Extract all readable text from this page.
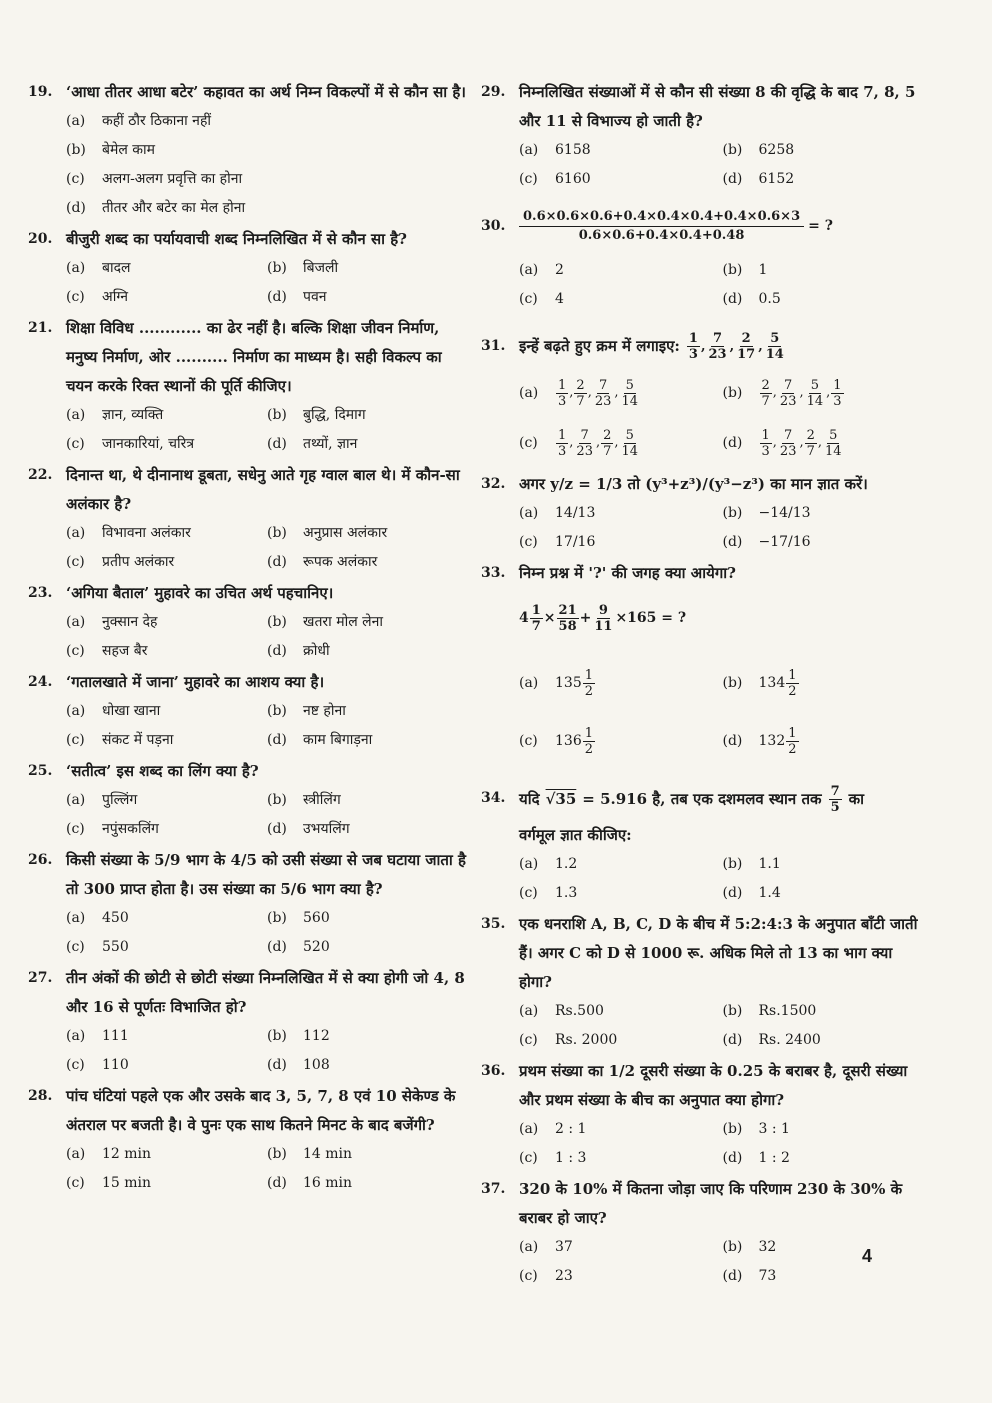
19. ‘आधा तीतर आधा बटेर’ कहावत का अर्थ निम्न विकल्पों में से कौन सा है।
(a)	कहीं ठौर ठिकाना नहीं
(b)	बेमेल काम
(c)	अलग-अलग प्रवृत्ति का होना
(d)	तीतर और बटेर का मेल होना
20. बीजुरी शब्द का पर्यायवाची शब्द निम्नलिखित में से कौन सा है?
(a)	बादल	(b)	बिजली
(c)	अग्नि	(d)	पवन
21. शिक्षा विविध ............ का ढेर नहीं है। बल्कि शिक्षा जीवन निर्माण, मनुष्य निर्माण, ओर .......... निर्माण का माध्यम है। सही विकल्प का चयन करके रिक्त स्थानों की पूर्ति कीजिए।
(a)	ज्ञान, व्यक्ति	(b)	बुद्धि, दिमाग
(c)	जानकारियां, चरित्र	(d)	तथ्यों, ज्ञान
22. दिनान्त था, थे दीनानाथ डूबता, सधेनु आते गृह ग्वाल बाल थे। में कौन-सा अलंकार है?
(a)	विभावना अलंकार	(b)	अनुप्रास अलंकार
(c)	प्रतीप अलंकार	(d)	रूपक अलंकार
23. ‘अगिया बैताल’ मुहावरे का उचित अर्थ पहचानिए।
(a)	नुक्सान देह	(b)	खतरा मोल लेना
(c)	सहज बैर	(d)	क्रोधी
24. ‘गतालखाते में जाना’ मुहावरे का आशय क्या है।
(a)	धोखा खाना	(b)	नष्ट होना
(c)	संकट में पड़ना	(d)	काम बिगाड़ना
25. ‘सतीत्व’ इस शब्द का लिंग क्या है?
(a)	पुल्लिंग	(b)	स्त्रीलिंग
(c)	नपुंसकलिंग	(d)	उभयलिंग
26. किसी संख्या के 5/9 भाग के 4/5 को उसी संख्या से जब घटाया जाता है तो 300 प्राप्त होता है। उस संख्या का 5/6 भाग क्या है?
(a)	450	(b)	560
(c)	550	(d)	520
27. तीन अंकों की छोटी से छोटी संख्या निम्नलिखित में से क्या होगी जो 4, 8 और 16 से पूर्णतः विभाजित हो?
(a)	111	(b)	112
(c)	110	(d)	108
28. पांच घंटियां पहले एक और उसके बाद 3, 5, 7, 8 एवं 10 सेकेण्ड के अंतराल पर बजती है। वे पुनः एक साथ कितने मिनट के बाद बजेंगी?
(a)	12 min	(b)	14 min
(c)	15 min	(d)	16 min
29. निम्नलिखित संख्याओं में से कौन सी संख्या 8 की वृद्धि के बाद 7, 8, 5 और 11 से विभाज्य हो जाती है?
(a)	6158	(b)	6258
(c)	6160	(d)	6152
30. $\frac{0.6\times 0.6\times 0.6+0.4\times 0.4\times 0.4+0.4\times 0.6\times 3}{0.6\times 0.6+0.4\times 0.4+0.48}$ = ?
(a)	2	(b)	1
(c)	4	(d)	0.5
31. इन्हें बढ़ते हुए क्रम में लगाइए: $\frac{1}{3}$ , $\frac{7}{23}$ , $\frac{2}{17}$ , $\frac{5}{14}$
(a)	$\frac{1}{3}$ , $\frac{2}{7}$ , $\frac{7}{23}$ , $\frac{5}{14}$	(b)	$\frac{2}{7}$ , $\frac{7}{23}$ , $\frac{5}{14}$ , $\frac{1}{3}$
(c)	$\frac{1}{3}$ , $\frac{7}{23}$ , $\frac{2}{7}$ , $\frac{5}{14}$	(d)	$\frac{1}{3}$ , $\frac{7}{23}$ , $\frac{2}{7}$ , $\frac{5}{14}$
32. अगर y/z = 1/3 तो (y³+z³)/(y³−z³) का मान ज्ञात करें।
(a)	14/13	(b)	−14/13
(c)	17/16	(d)	−17/16
33. निम्न प्रश्न में '?' की जगह क्या आयेगा?
$4 \frac{1}{7} \times \frac{21}{58} + \frac{9}{11} \times 165$ = ?
(a)	$135 \frac{1}{2}$	(b)	$134 \frac{1}{2}$
(c)	$136 \frac{1}{2}$	(d)	$132 \frac{1}{2}$
34. यदि √35 = 5.916 है, तब एक दशमलव स्थान तक $\frac{7}{5}$ का
वर्गमूल ज्ञात कीजिए:
(a)	1.2	(b)	1.1
(c)	1.3	(d)	1.4
35. एक धनराशि A, B, C, D के बीच में 5:2:4:3 के अनुपात बाँटी जाती हैं। अगर C को D से 1000 रू. अधिक मिले तो 13 का भाग क्या होगा?
(a)	Rs.500	(b)	Rs.1500
(c)	Rs. 2000	(d)	Rs. 2400
36. प्रथम संख्या का 1/2 दूसरी संख्या के 0.25 के बराबर है, दूसरी संख्या और प्रथम संख्या के बीच का अनुपात क्या होगा?
(a)	2 : 1	(b)	3 : 1
(c)	1 : 3	(d)	1 : 2
37. 320 के 10% में कितना जोड़ा जाए कि परिणाम 230 के 30% के बराबर हो जाए?
(a)	37	(b)	32
(c)	23	(d)	73
4
